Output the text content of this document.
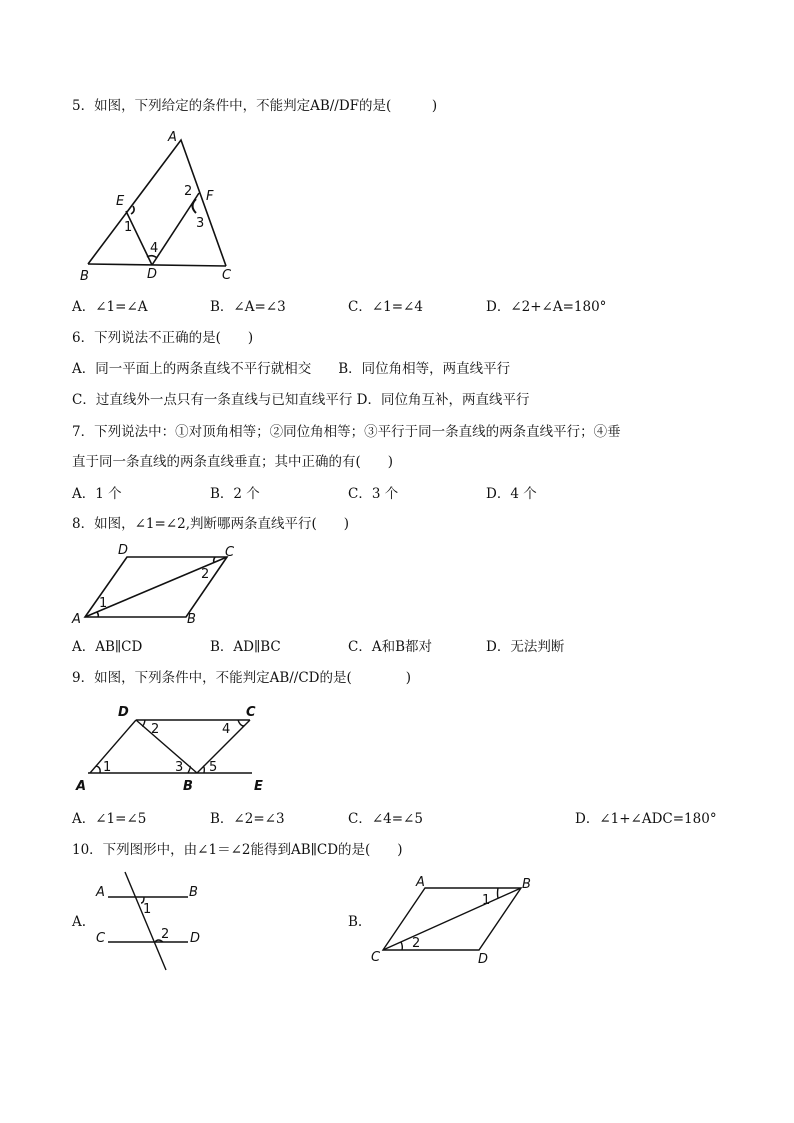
5．如图，下列给定的条件中，不能判定AB//DF的是(　　　)
A
E	F
B	D	C
1
2
3
4
A．∠1=∠A	B．∠A=∠3	C．∠1=∠4	D．∠2+∠A=180°
6．下列说法不正确的是(　　)
A．同一平面上的两条直线不平行就相交　　B．同位角相等，两直线平行
C．过直线外一点只有一条直线与已知直线平行 D．同位角互补，两直线平行
7．下列说法中：①对顶角相等；②同位角相等；③平行于同一条直线的两条直线平行；④垂
直于同一条直线的两条直线垂直；其中正确的有(　　)
A．1 个	B．2 个	C．3 个	D．4 个
8．如图，∠1=∠2,判断哪两条直线平行(　　)
D	C
A	B
1
2
A．AB∥CD	B．AD∥BC	C．A和B都对	D．无法判断
9．如图，下列条件中，不能判定AB//CD的是(　　　　)
D	C
A	B	E
1
2
3
4
5
A．∠1=∠5	B．∠2=∠3	C．∠4=∠5	D．∠1+∠ADC=180°
10．下列图形中，由∠1＝∠2能得到AB∥CD的是(　　)
A.
A	B
C	D
1
2
B.
A	B
C	D
1
2
